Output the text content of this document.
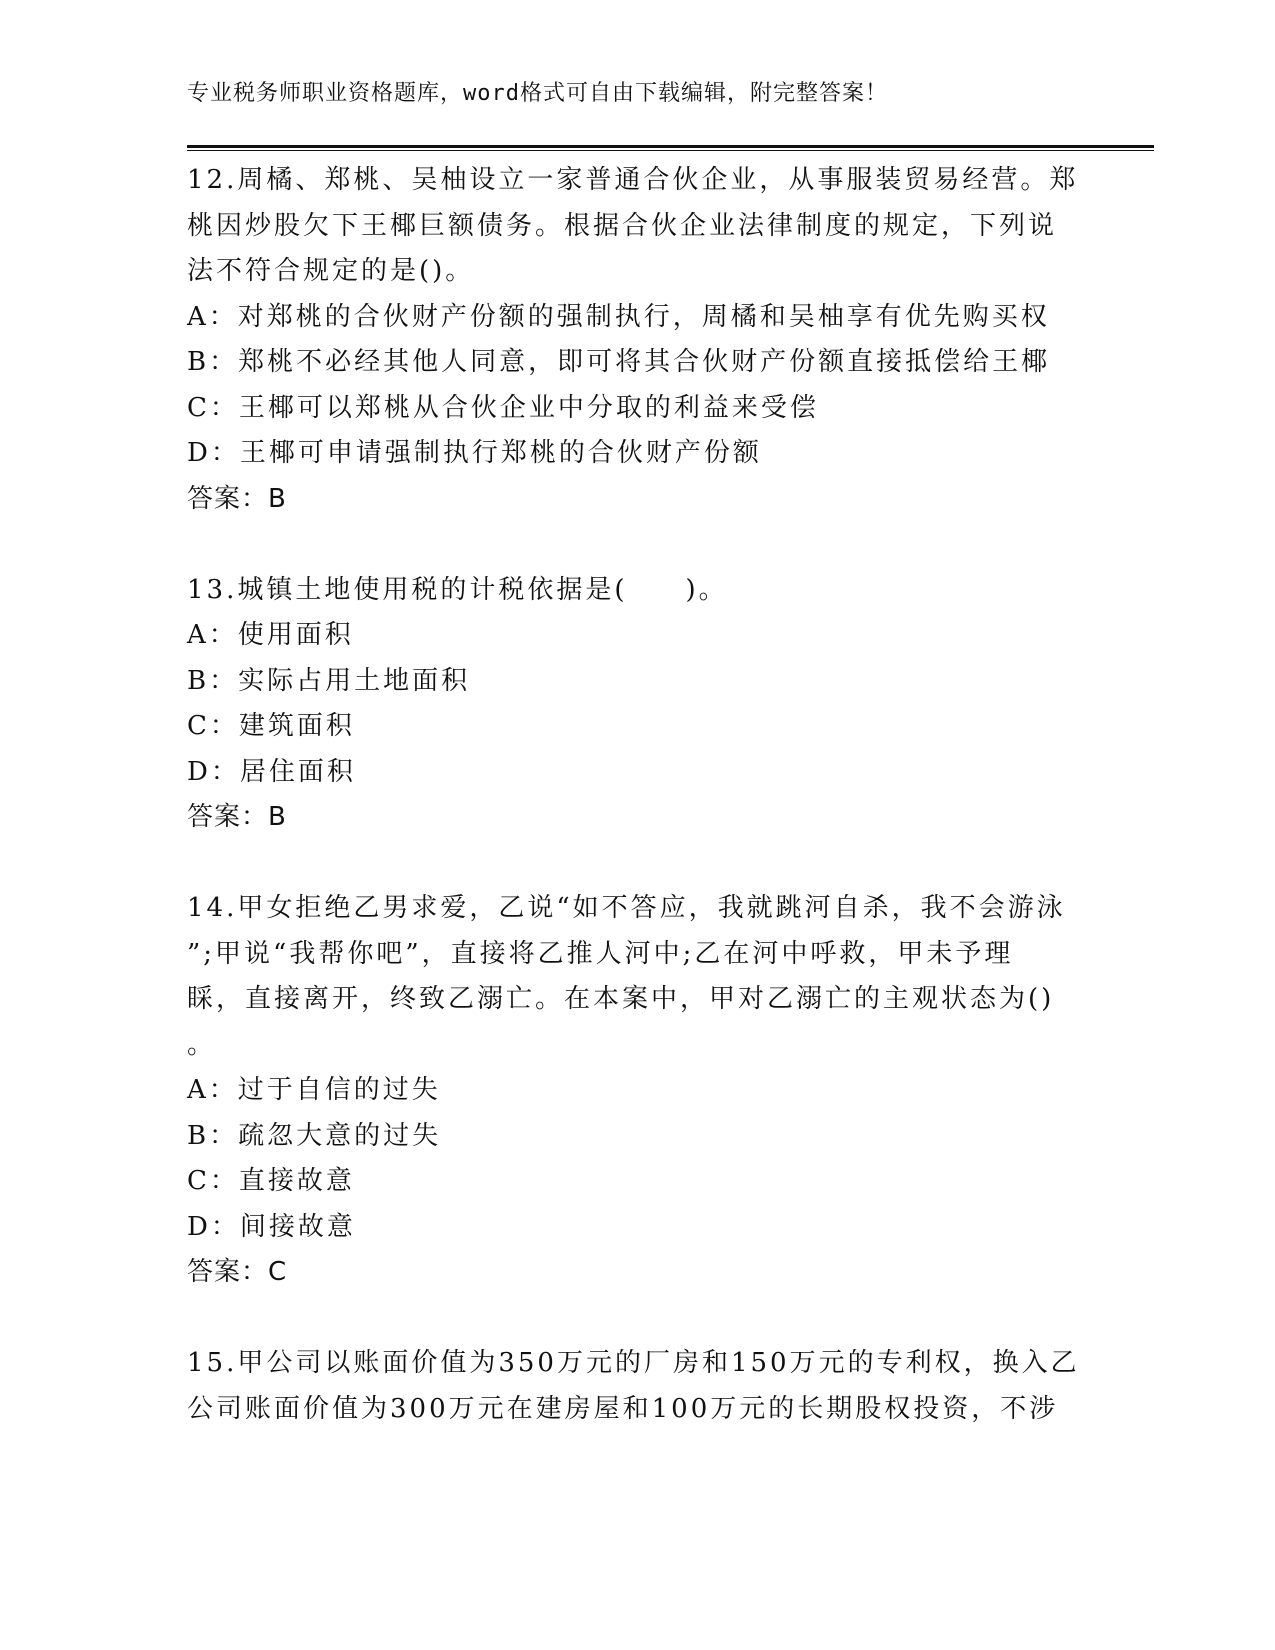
专业税务师职业资格题库，word格式可自由下载编辑，附完整答案！
12.周橘、郑桃、吴柚设立一家普通合伙企业，从事服装贸易经营。郑
桃因炒股欠下王椰巨额债务。根据合伙企业法律制度的规定，下列说
法不符合规定的是()。
A：对郑桃的合伙财产份额的强制执行，周橘和吴柚享有优先购买权
B：郑桃不必经其他人同意，即可将其合伙财产份额直接抵偿给王椰
C：王椰可以郑桃从合伙企业中分取的利益来受偿
D：王椰可申请强制执行郑桃的合伙财产份额
答案：B
13.城镇土地使用税的计税依据是(　　)。
A：使用面积
B：实际占用土地面积
C：建筑面积
D：居住面积
答案：B
14.甲女拒绝乙男求爱，乙说“如不答应，我就跳河自杀，我不会游泳
”;甲说“我帮你吧”，直接将乙推人河中;乙在河中呼救，甲未予理
睬，直接离开，终致乙溺亡。在本案中，甲对乙溺亡的主观状态为()
。
A：过于自信的过失
B：疏忽大意的过失
C：直接故意
D：间接故意
答案：C
15.甲公司以账面价值为350万元的厂房和150万元的专利权，换入乙
公司账面价值为300万元在建房屋和100万元的长期股权投资，不涉
